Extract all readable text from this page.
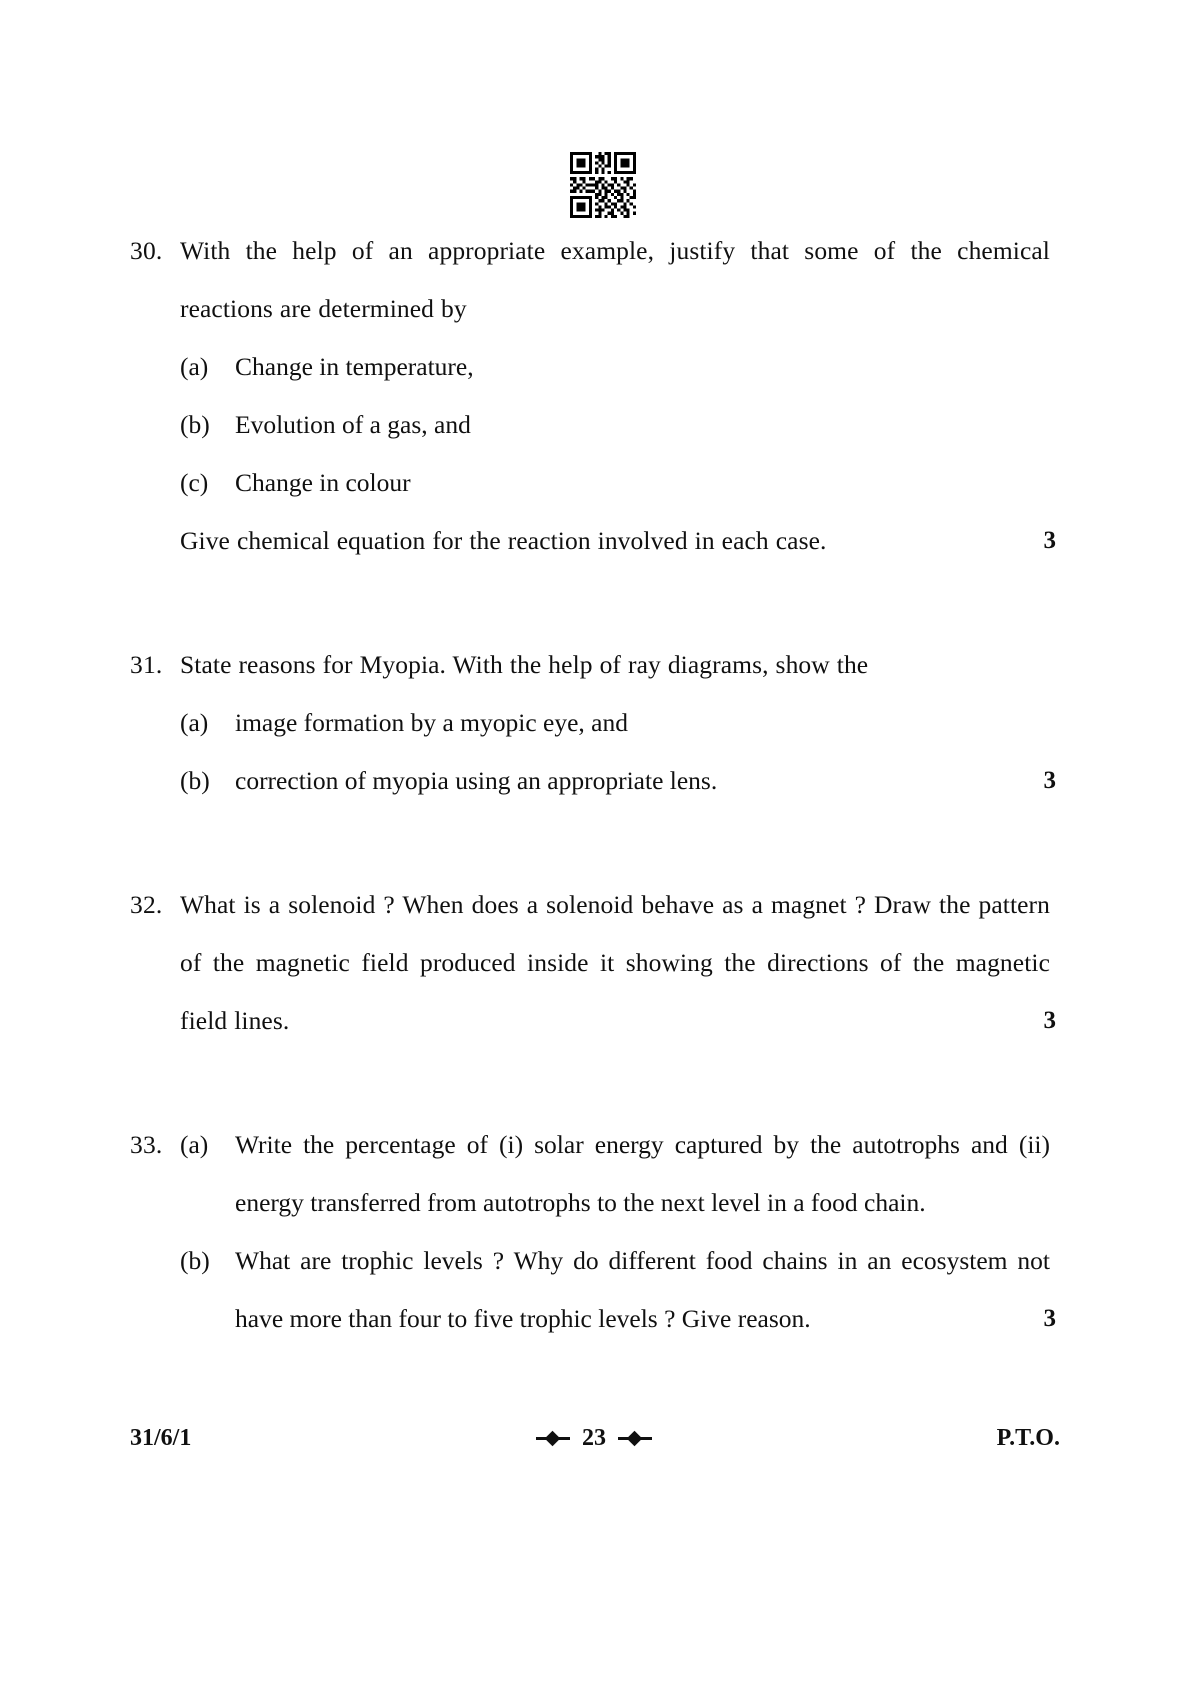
30. With the help of an appropriate example, justify that some of the chemical reactions are determined by
(a)	Change in temperature,
(b) Evolution of a gas, and
(c)	Change in colour
Give chemical equation for the reaction involved in each case.	3
31. State reasons for Myopia. With the help of ray diagrams, show the
(a)	image formation by a myopic eye, and
(b) correction of myopia using an appropriate lens.	3
32. What is a solenoid ? When does a solenoid behave as a magnet ? Draw the pattern of the magnetic field produced inside it showing the directions of the magnetic field lines.	3
33. (a)	Write the percentage of (i) solar energy captured by the autotrophs and (ii) energy transferred from autotrophs to the next level in a food chain.
(b) What are trophic levels ? Why do different food chains in an ecosystem not have more than four to five trophic levels ? Give reason.	3
31/6/1	23	P.T.O.
